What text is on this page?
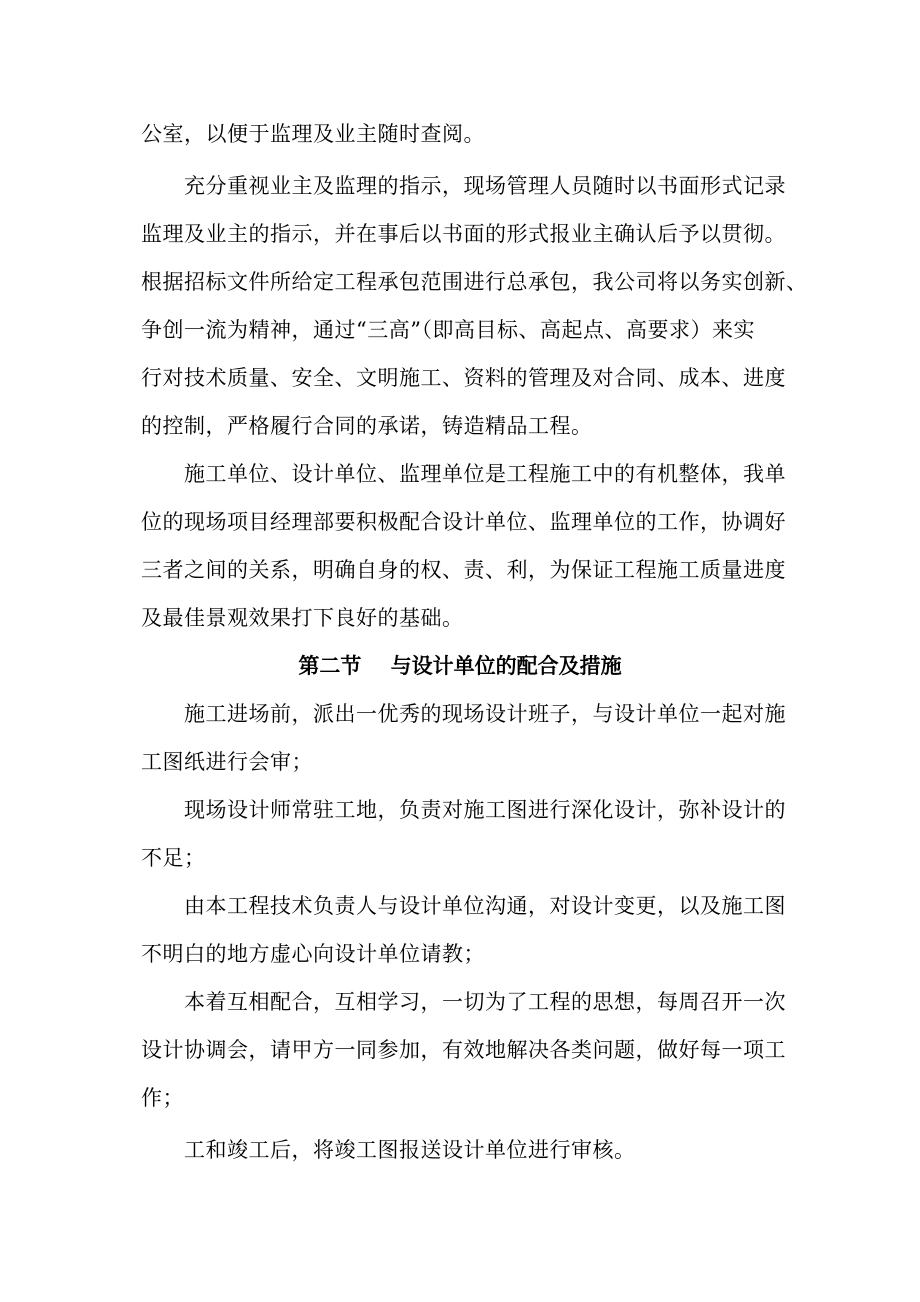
公室，以便于监理及业主随时查阅。
充分重视业主及监理的指示，现场管理人员随时以书面形式记录
监理及业主的指示，并在事后以书面的形式报业主确认后予以贯彻。
根据招标文件所给定工程承包范围进行总承包，我公司将以务实创新、
争创一流为精神，通过“三高”（即高目标、高起点、高要求）来实
行对技术质量、安全、文明施工、资料的管理及对合同、成本、进度
的控制，严格履行合同的承诺，铸造精品工程。
施工单位、设计单位、监理单位是工程施工中的有机整体，我单
位的现场项目经理部要积极配合设计单位、监理单位的工作，协调好
三者之间的关系，明确自身的权、责、利，为保证工程施工质量进度
及最佳景观效果打下良好的基础。
第二节    与设计单位的配合及措施
施工进场前，派出一优秀的现场设计班子，与设计单位一起对施
工图纸进行会审；
现场设计师常驻工地，负责对施工图进行深化设计，弥补设计的
不足；
由本工程技术负责人与设计单位沟通，对设计变更，以及施工图
不明白的地方虚心向设计单位请教；
本着互相配合，互相学习，一切为了工程的思想，每周召开一次
设计协调会，请甲方一同参加，有效地解决各类问题，做好每一项工
作；
工和竣工后，将竣工图报送设计单位进行审核。
